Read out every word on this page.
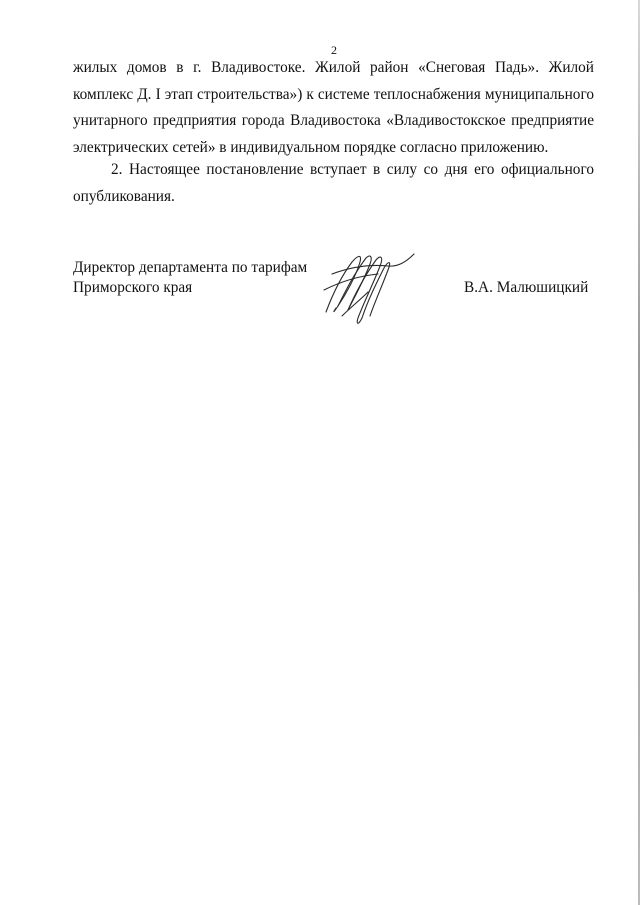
2
жилых домов в г. Владивостоке. Жилой район «Снеговая Падь». Жилой
комплекс Д. I этап строительства») к системе теплоснабжения муниципального
унитарного предприятия города Владивостока «Владивостокское предприятие
электрических сетей» в индивидуальном порядке согласно приложению.
2. Настоящее постановление вступает в силу со дня его официального
опубликования.
Директор департамента по тарифам
Приморского края	В.А. Малюшицкий
